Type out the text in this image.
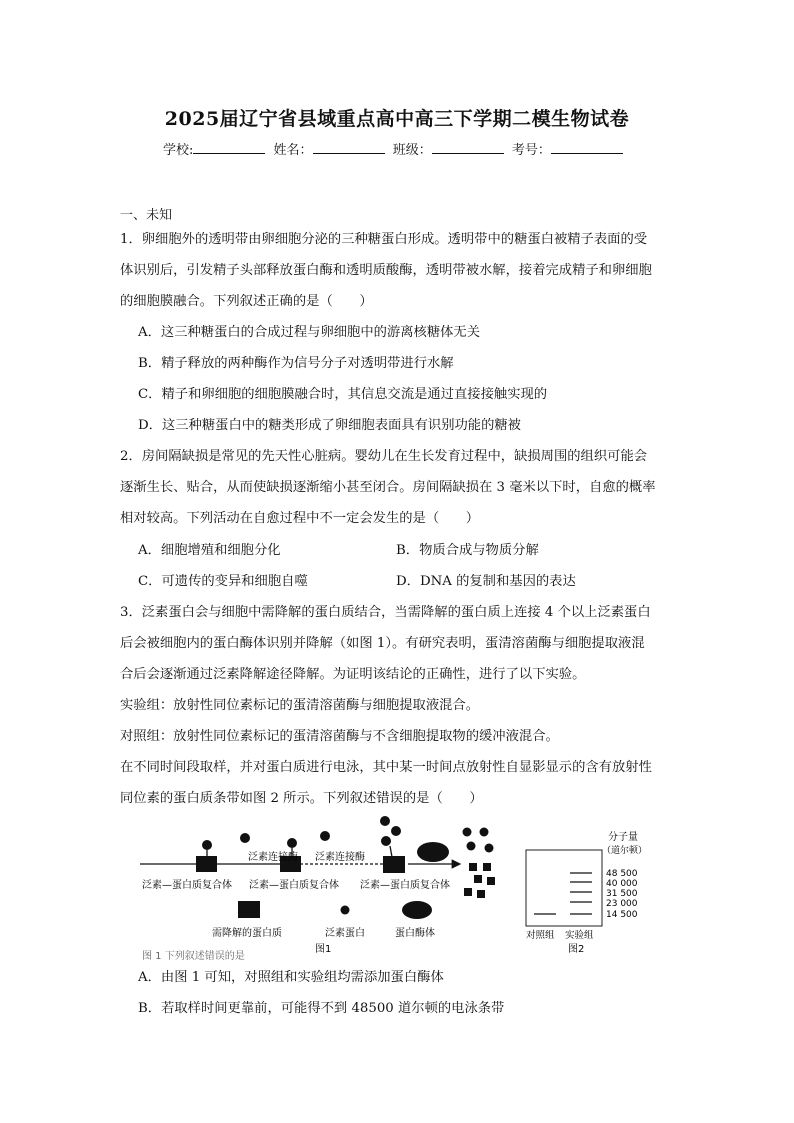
2025届辽宁省县域重点高中高三下学期二模生物试卷
学校:	姓名：	班级：	考号：
一、未知
1．卵细胞外的透明带由卵细胞分泌的三种糖蛋白形成。透明带中的糖蛋白被精子表面的受
体识别后，引发精子头部释放蛋白酶和透明质酸酶，透明带被水解，接着完成精子和卵细胞
的细胞膜融合。下列叙述正确的是（　　）
A．这三种糖蛋白的合成过程与卵细胞中的游离核糖体无关
B．精子释放的两种酶作为信号分子对透明带进行水解
C．精子和卵细胞的细胞膜融合时，其信息交流是通过直接接触实现的
D．这三种糖蛋白中的糖类形成了卵细胞表面具有识别功能的糖被
2．房间隔缺损是常见的先天性心脏病。婴幼儿在生长发育过程中，缺损周围的组织可能会
逐渐生长、贴合，从而使缺损逐渐缩小甚至闭合。房间隔缺损在 3 毫米以下时，自愈的概率
相对较高。下列活动在自愈过程中不一定会发生的是（　　）
A．细胞增殖和细胞分化	B．物质合成与物质分解
C．可遗传的变异和细胞自噬	D．DNA 的复制和基因的表达
3．泛素蛋白会与细胞中需降解的蛋白质结合，当需降解的蛋白质上连接 4 个以上泛素蛋白
后会被细胞内的蛋白酶体识别并降解（如图 1）。有研究表明，蛋清溶菌酶与细胞提取液混
合后会逐渐通过泛素降解途径降解。为证明该结论的正确性，进行了以下实验。
实验组：放射性同位素标记的蛋清溶菌酶与细胞提取液混合。
对照组：放射性同位素标记的蛋清溶菌酶与不含细胞提取物的缓冲液混合。
在不同时间段取样，并对蛋白质进行电泳，其中某一时间点放射性自显影显示的含有放射性
同位素的蛋白质条带如图 2 所示。下列叙述错误的是（　　）
泛素连接酶 泛素连接酶
泛素—蛋白质复合体 泛素—蛋白质复合体 泛素—蛋白质复合体
需降解的蛋白质	泛素蛋白	蛋白酶体
图1
图 1 下列叙述错误的是
分子量
（道尔顿）
48 500
40 000
31 500
23 000
14 500
对照组 实验组
图2
A．由图 1 可知，对照组和实验组均需添加蛋白酶体
B．若取样时间更靠前，可能得不到 48500 道尔顿的电泳条带
